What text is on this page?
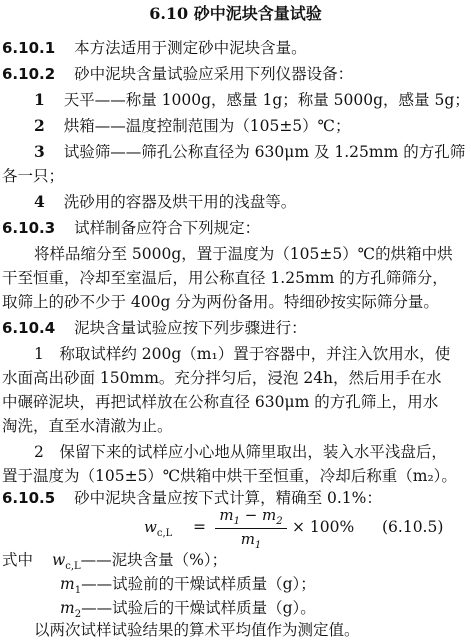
6.10 砂中泥块含量试验
6.10.1 本方法适用于测定砂中泥块含量。
6.10.2 砂中泥块含量试验应采用下列仪器设备：
1 天平——称量 1000g，感量 1g；称量 5000g，感量 5g；
2 烘箱——温度控制范围为（105±5）℃；
3 试验筛——筛孔公称直径为 630μm 及 1.25mm 的方孔筛
各一只；
4 洗砂用的容器及烘干用的浅盘等。
6.10.3 试样制备应符合下列规定：
将样品缩分至 5000g，置于温度为（105±5）℃的烘箱中烘
干至恒重，冷却至室温后，用公称直径 1.25mm 的方孔筛筛分，
取筛上的砂不少于 400g 分为两份备用。特细砂按实际筛分量。
6.10.4 泥块含量试验应按下列步骤进行：
1　称取试样约 200g（m₁）置于容器中，并注入饮用水，使
水面高出砂面 150mm。充分拌匀后，浸泡 24h，然后用手在水
中碾碎泥块，再把试样放在公称直径 630μm 的方孔筛上，用水
淘洗，直至水清澈为止。
2　保留下来的试样应小心地从筛里取出，装入水平浅盘后，
置于温度为（105±5）℃烘箱中烘干至恒重，冷却后称重（m₂）。
6.10.5 砂中泥块含量应按下式计算，精确至 0.1%：
$w_{c,L}$ =
$m_1 - m_2$
$m_1$
× 100% (6.10.5)
式中 $w_{c,L}——$泥块含量（%）；
$m_1——$试验前的干燥试样质量（g）；
$m_2——$试验后的干燥试样质量（g）。
以两次试样试验结果的算术平均值作为测定值。
